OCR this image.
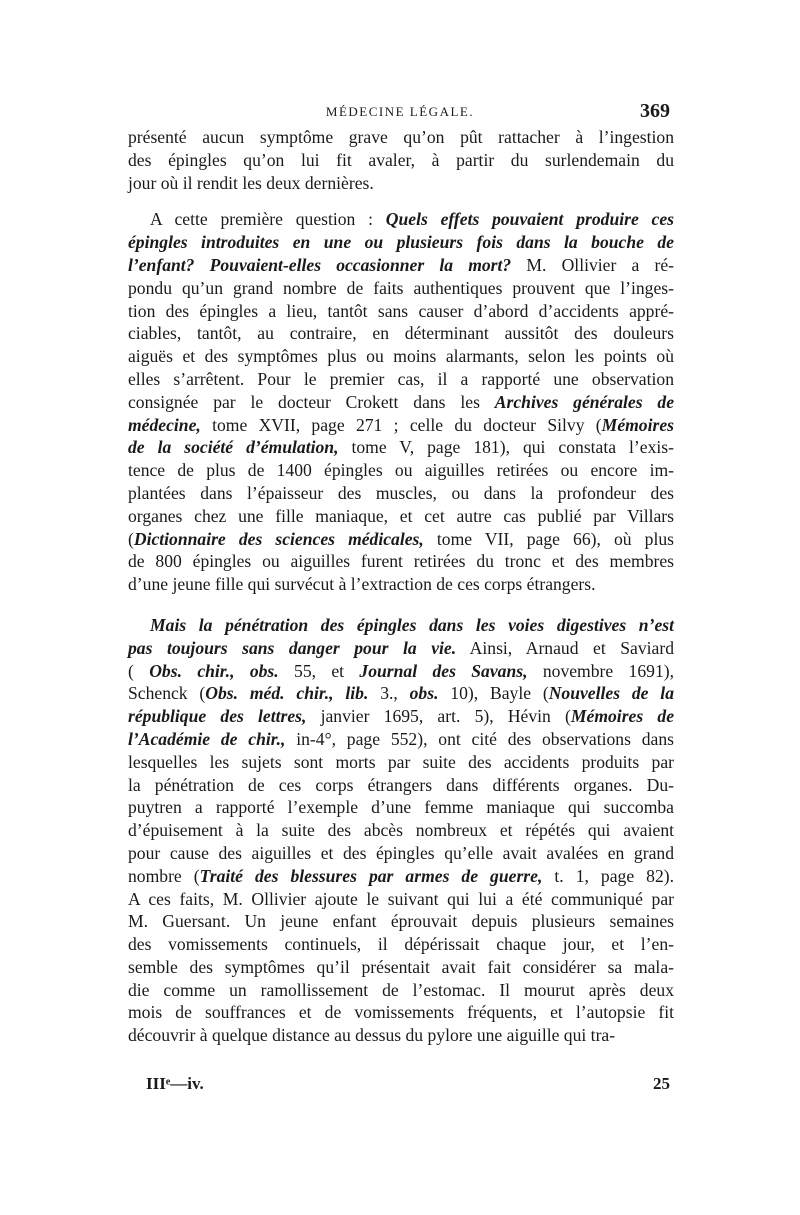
MÉDECINE LÉGALE.	369
présenté aucun symptôme grave qu’on pût rattacher à l’ingestion
des épingles qu’on lui fit avaler, à partir du surlendemain du
jour où il rendit les deux dernières.
A cette première question : Quels effets pouvaient produire ces
épingles introduites en une ou plusieurs fois dans la bouche de
l’enfant? Pouvaient-elles occasionner la mort? M. Ollivier a ré-
pondu qu’un grand nombre de faits authentiques prouvent que l’inges-
tion des épingles a lieu, tantôt sans causer d’abord d’accidents appré-
ciables, tantôt, au contraire, en déterminant aussitôt des douleurs
aiguës et des symptômes plus ou moins alarmants, selon les points où
elles s’arrêtent. Pour le premier cas, il a rapporté une observation
consignée par le docteur Crokett dans les Archives générales de
médecine, tome XVII, page 271 ; celle du docteur Silvy (Mémoires
de la société d’émulation, tome V, page 181), qui constata l’exis-
tence de plus de 1400 épingles ou aiguilles retirées ou encore im-
plantées dans l’épaisseur des muscles, ou dans la profondeur des
organes chez une fille maniaque, et cet autre cas publié par Villars
(Dictionnaire des sciences médicales, tome VII, page 66), où plus
de 800 épingles ou aiguilles furent retirées du tronc et des membres
d’une jeune fille qui survécut à l’extraction de ces corps étrangers.
Mais la pénétration des épingles dans les voies digestives n’est
pas toujours sans danger pour la vie. Ainsi, Arnaud et Saviard
( Obs. chir., obs. 55, et Journal des Savans, novembre 1691),
Schenck (Obs. méd. chir., lib. 3., obs. 10), Bayle (Nouvelles de la
république des lettres, janvier 1695, art. 5), Hévin (Mémoires de
l’Académie de chir., in-4°, page 552), ont cité des observations dans
lesquelles les sujets sont morts par suite des accidents produits par
la pénétration de ces corps étrangers dans différents organes. Du-
puytren a rapporté l’exemple d’une femme maniaque qui succomba
d’épuisement à la suite des abcès nombreux et répétés qui avaient
pour cause des aiguilles et des épingles qu’elle avait avalées en grand
nombre (Traité des blessures par armes de guerre, t. 1, page 82).
A ces faits, M. Ollivier ajoute le suivant qui lui a été communiqué par
M. Guersant. Un jeune enfant éprouvait depuis plusieurs semaines
des vomissements continuels, il dépérissait chaque jour, et l’en-
semble des symptômes qu’il présentait avait fait considérer sa mala-
die comme un ramollissement de l’estomac. Il mourut après deux
mois de souffrances et de vomissements fréquents, et l’autopsie fit
découvrir à quelque distance au dessus du pylore une aiguille qui tra-
IIIᵉ—iv.	25
